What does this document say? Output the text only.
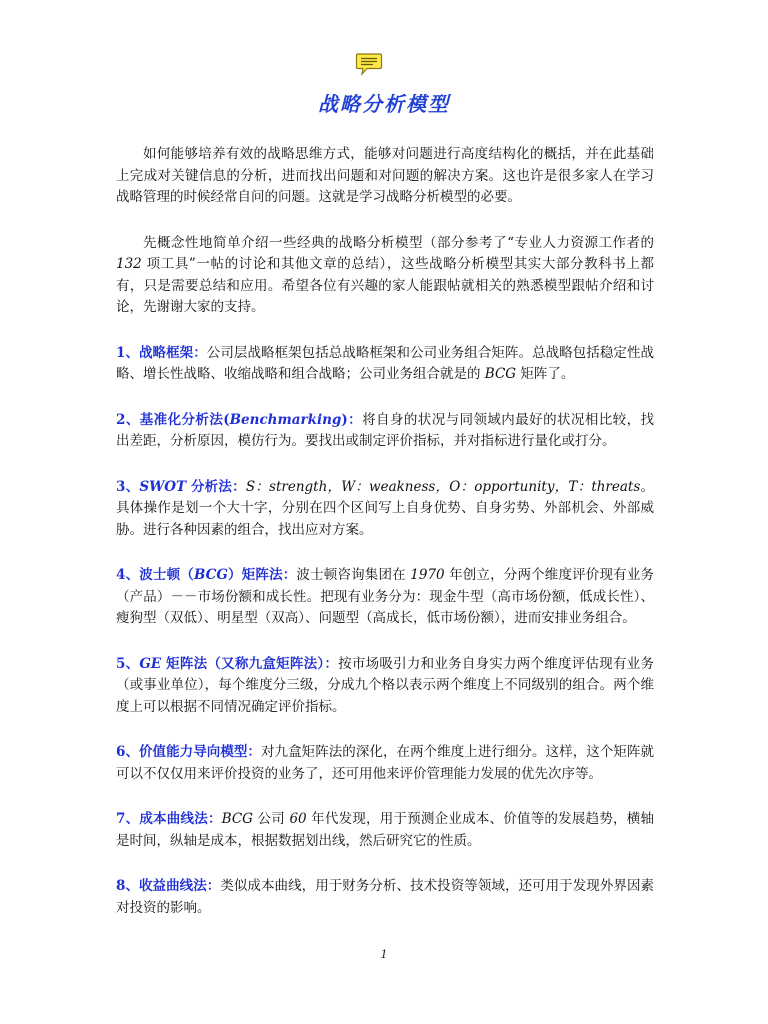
战略分析模型

如何能够培养有效的战略思维方式，能够对问题进行高度结构化的概括，并在此基础上完成对关键信息的分析，进而找出问题和对问题的解决方案。这也许是很多家人在学习战略管理的时候经常自问的问题。这就是学习战略分析模型的必要。

先概念性地简单介绍一些经典的战略分析模型（部分参考了“专业人力资源工作者的 132 项工具”一帖的讨论和其他文章的总结），这些战略分析模型其实大部分教科书上都有，只是需要总结和应用。希望各位有兴趣的家人能跟帖就相关的熟悉模型跟帖介绍和讨论，先谢谢大家的支持。

1、战略框架：公司层战略框架包括总战略框架和公司业务组合矩阵。总战略包括稳定性战略、增长性战略、收缩战略和组合战略；公司业务组合就是的 BCG 矩阵了。

2、基准化分析法(Benchmarking)：将自身的状况与同领域内最好的状况相比较，找出差距，分析原因，模仿行为。要找出或制定评价指标，并对指标进行量化或打分。

3、SWOT 分析法：S：strength，W：weakness，O：opportunity，T：threats。具体操作是划一个大十字，分别在四个区间写上自身优势、自身劣势、外部机会、外部威胁。进行各种因素的组合，找出应对方案。

4、波士顿（BCG）矩阵法：波士顿咨询集团在 1970 年创立，分两个维度评价现有业务（产品）－－市场份额和成长性。把现有业务分为：现金牛型（高市场份额，低成长性）、瘦狗型（双低）、明星型（双高）、问题型（高成长，低市场份额），进而安排业务组合。

5、GE 矩阵法（又称九盒矩阵法）：按市场吸引力和业务自身实力两个维度评估现有业务（或事业单位），每个维度分三级，分成九个格以表示两个维度上不同级别的组合。两个维度上可以根据不同情况确定评价指标。

6、价值能力导向模型：对九盒矩阵法的深化，在两个维度上进行细分。这样，这个矩阵就可以不仅仅用来评价投资的业务了，还可用他来评价管理能力发展的优先次序等。

7、成本曲线法：BCG 公司 60 年代发现，用于预测企业成本、价值等的发展趋势，横轴是时间，纵轴是成本，根据数据划出线，然后研究它的性质。

8、收益曲线法：类似成本曲线，用于财务分析、技术投资等领域，还可用于发现外界因素对投资的影响。

1
